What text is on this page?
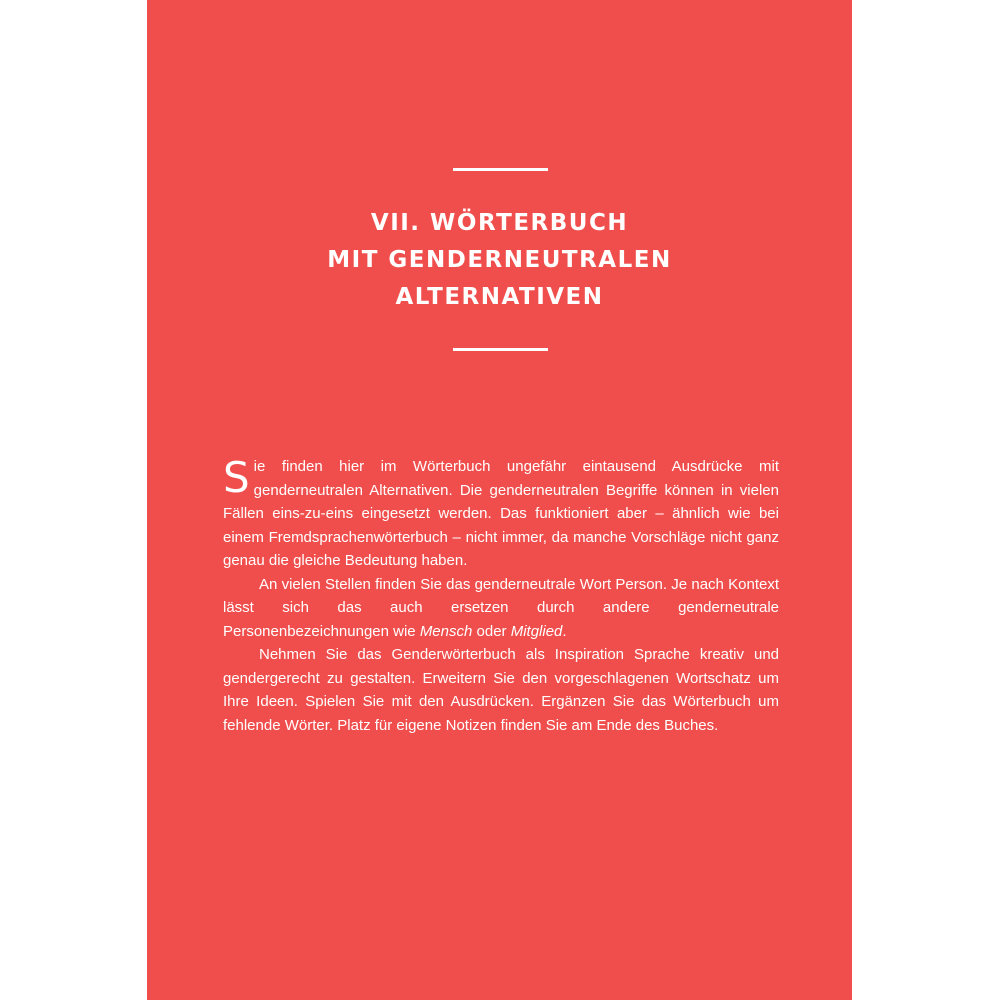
VII. WÖRTERBUCH
MIT GENDERNEUTRALEN
ALTERNATIVEN

Sie finden hier im Wörterbuch ungefähr eintausend Ausdrücke mit genderneutralen Alternativen. Die genderneutralen Begriffe können in vielen Fällen eins-zu-eins eingesetzt werden. Das funktioniert aber – ähnlich wie bei einem Fremdsprachenwörterbuch – nicht immer, da manche Vorschläge nicht ganz genau die gleiche Bedeutung haben.

An vielen Stellen finden Sie das genderneutrale Wort Person. Je nach Kontext lässt sich das auch ersetzen durch andere genderneutrale Personenbezeichnungen wie Mensch oder Mitglied.

Nehmen Sie das Genderwörterbuch als Inspiration Sprache kreativ und gendergerecht zu gestalten. Erweitern Sie den vorgeschlagenen Wortschatz um Ihre Ideen. Spielen Sie mit den Ausdrücken. Ergänzen Sie das Wörterbuch um fehlende Wörter. Platz für eigene Notizen finden Sie am Ende des Buches.
